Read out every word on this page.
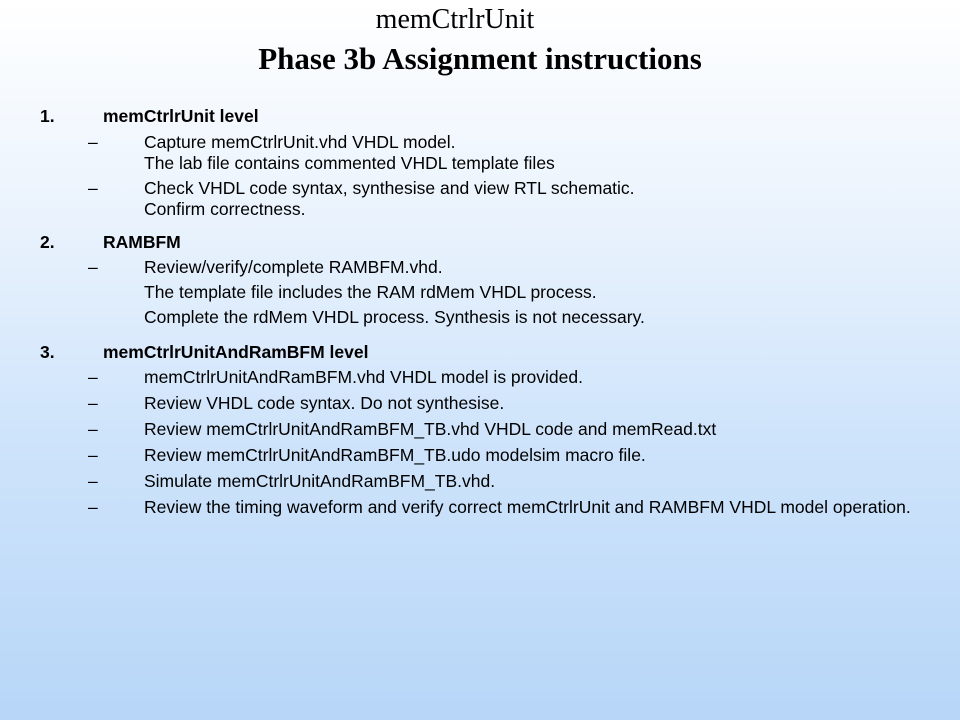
memCtrlrUnit
Phase 3b Assignment instructions
1.	memCtrlrUnit level
–	Capture memCtrlrUnit.vhd VHDL model.
The lab file contains commented VHDL template files
–	Check VHDL code syntax, synthesise and view RTL schematic.
Confirm correctness.
2.	RAMBFM
–	Review/verify/complete RAMBFM.vhd.
The template file includes the RAM rdMem VHDL process.
Complete the rdMem VHDL process. Synthesis is not necessary.
3.	memCtrlrUnitAndRamBFM level
–	memCtrlrUnitAndRamBFM.vhd VHDL model is provided.
–	Review VHDL code syntax. Do not synthesise.
–	Review memCtrlrUnitAndRamBFM_TB.vhd VHDL code and memRead.txt
–	Review memCtrlrUnitAndRamBFM_TB.udo modelsim macro file.
–	Simulate memCtrlrUnitAndRamBFM_TB.vhd.
–	Review the timing waveform and verify correct memCtrlrUnit and RAMBFM VHDL model operation.
